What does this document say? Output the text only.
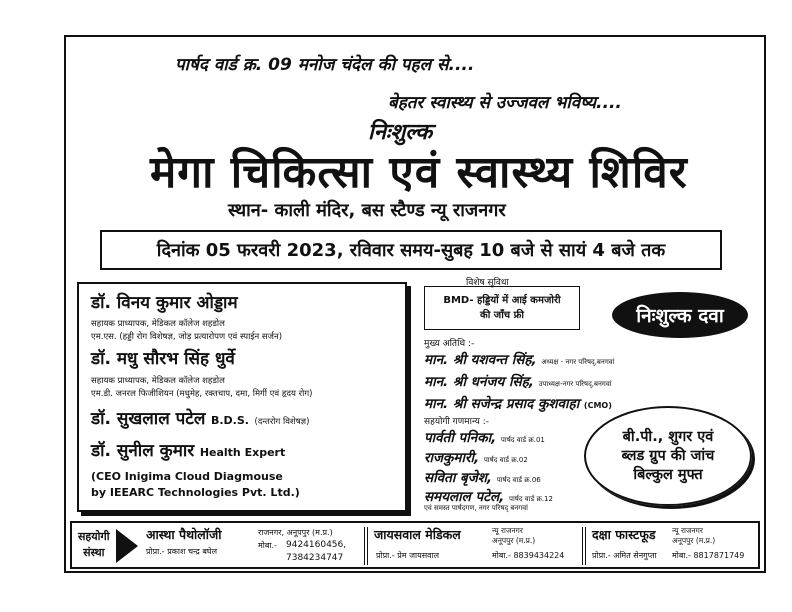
पार्षद वार्ड क्र. 09 मनोज चंदेल की पहल से....
बेहतर स्वास्थ्य से उज्जवल भविष्य....
निःशुल्क
मेगा चिकित्सा एवं स्वास्थ्य शिविर
स्थान- काली मंदिर, बस स्टैण्ड न्यू राजनगर
दिनांक 05 फरवरी 2023, रविवार समय-सुबह 10 बजे से सायं 4 बजे तक
डॉ. विनय कुमार ओड्डाम
सहायक प्राध्यापक, मेडिकल कॉलेज शहडोल
एम.एस. (हड्डी रोग विशेषज्ञ, जोड़ प्रत्यारोपण एवं स्पाईन सर्जन)
डॉ. मधु सौरभ सिंह धुर्वे
सहायक प्राध्यापक, मेडिकल कॉलेज शहडोल
एम.डी. जनरल फिजीशियन (मधुमेह, रक्तचाप, दमा, मिर्गी एवं हृदय रोग)
डॉ. सुखलाल पटेल B.D.S. (दन्तरोग विशेषज्ञ)
डॉ. सुनील कुमार Health Expert
(CEO Inigima Cloud Diagmouse
by IEEARC Technologies Pvt. Ltd.)
विशेष सुविधा
BMD- हड्डियों में आई कमजोरी
की जाँच फ्री	निःशुल्क दवा
मुख्य अतिथि :-
मान. श्री यशवन्त सिंह, अध्यक्ष - नगर परिषद्,बनगवां
मान. श्री धनंजय सिंह, उपाध्यक्ष-नगर परिषद्,बनगवां
मान. श्री सजेन्द्र प्रसाद कुशवाहा (CMO)
सहयोगी गणमान्य :-
पार्वती पनिका, पार्षद वार्ड क्र.01
राजकुमारी, पार्षद वार्ड क्र.02
सविता बृजेश, पार्षद वार्ड क्र.06
समयलाल पटेल, पार्षद वार्ड क्र.12
एवं समस्त पार्षदगण, नगर परिषद् बनगवां
बी.पी., शुगर एवं
ब्लड ग्रुप की जांच
बिल्कुल मुफ्त
सहयोगी
संस्था
आस्था पैथोलॉजी	राजनगर, अनूपपुर (म.प्र.)
प्रोप्रा.- प्रकाश चन्द्र बघेल
मोबा.- 9424160456,
7384234747
जायसवाल मेडिकल	न्यू राजनगर
अनूपपुर (म.प्र.)
प्रोप्रा.- प्रेम जायसवाल	मोबा.- 8839434224
दक्षा फास्टफूड न्यू राजनगर
अनूपपुर (म.प्र.)
प्रोप्रा.- अमित सेनगुप्ता मोबा.- 8817871749
